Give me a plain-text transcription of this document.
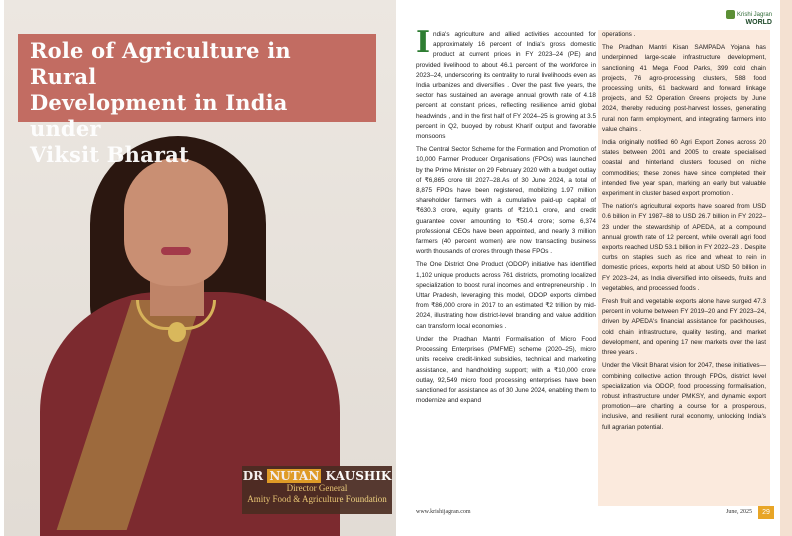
Role of Agriculture in Rural
Development in India under
Viksit Bharat
DR NUTAN KAUSHIK
Director General
Amity Food & Agriculture Foundation
Krishi Jagran
WORLD

India's agriculture and allied activities accounted for approximately 16 percent of India's gross domestic product at current prices in FY 2023–24 (PE) and provided livelihood to about 46.1 percent of the workforce in 2023–24, underscoring its centrality to rural livelihoods even as India urbanizes and diversifies . Over the past five years, the sector has sustained an average annual growth rate of 4.18 percent at constant prices, reflecting resilience amid global headwinds , and in the first half of FY 2024–25 is growing at 3.5 percent in Q2, buoyed by robust Kharif output and favorable monsoons

The Central Sector Scheme for the Formation and Promotion of 10,000 Farmer Producer Organisations (FPOs) was launched by the Prime Minister on 29 February 2020 with a budget outlay of ₹6,865 crore till 2027–28.As of 30 June 2024, a total of 8,875 FPOs have been registered, mobilizing 1.97 million shareholder farmers with a cumulative paid-up capital of ₹630.3 crore, equity grants of ₹210.1 crore, and credit guarantee cover amounting to ₹50.4 crore; some 6,374 professional CEOs have been appointed, and nearly 3 million farmers (40 percent women) are now transacting business worth thousands of crores through these FPOs .

The One District One Product (ODOP) initiative has identified 1,102 unique products across 761 districts, promoting localized specialization to boost rural incomes and entrepreneurship . In Uttar Pradesh, leveraging this model, ODOP exports climbed from ₹86,000 crore in 2017 to an estimated ₹2 trillion by mid-2024, illustrating how district-level branding and value addition can transform local economies .

Under the Pradhan Mantri Formalisation of Micro Food Processing Enterprises (PMFME) scheme (2020–25), micro units receive credit-linked subsidies, technical and marketing assistance, and handholding support; with a ₹10,000 crore outlay, 92,549 micro food processing enterprises have been sanctioned for assistance as of 30 June 2024, enabling them to modernize and expand

operations .

The Pradhan Mantri Kisan SAMPADA Yojana has underpinned large-scale infrastructure development, sanctioning 41 Mega Food Parks, 399 cold chain projects, 76 agro-processing clusters, 588 food processing units, 61 backward and forward linkage projects, and 52 Operation Greens projects by June 2024, thereby reducing post-harvest losses, generating rural non farm employment, and integrating farmers into value chains .

India originally notified 60 Agri Export Zones across 20 states between 2001 and 2005 to create specialised coastal and hinterland clusters focused on niche commodities; these zones have since completed their intended five year span, marking an early but valuable experiment in cluster based export promotion .

The nation's agricultural exports have soared from USD 0.6 billion in FY 1987–88 to USD 26.7 billion in FY 2022–23 under the stewardship of APEDA, at a compound annual growth rate of 12 percent, while overall agri food exports reached USD 53.1 billion in FY 2022–23 . Despite curbs on staples such as rice and wheat to rein in domestic prices, exports held at about USD 50 billion in FY 2023–24, as India diversified into oilseeds, fruits and vegetables, and processed foods .

Fresh fruit and vegetable exports alone have surged 47.3 percent in volume between FY 2019–20 and FY 2023–24, driven by APEDA's financial assistance for packhouses, cold chain infrastructure, quality testing, and market development, and opening 17 new markets over the last three years .

Under the Viksit Bharat vision for 2047, these initiatives—combining collective action through FPOs, district level specialization via ODOP, food processing formalisation, robust infrastructure under PMKSY, and dynamic export promotion—are charting a course for a prosperous, inclusive, and resilient rural economy, unlocking India's full agrarian potential.

www.krishijagran.com	June, 2025	29
